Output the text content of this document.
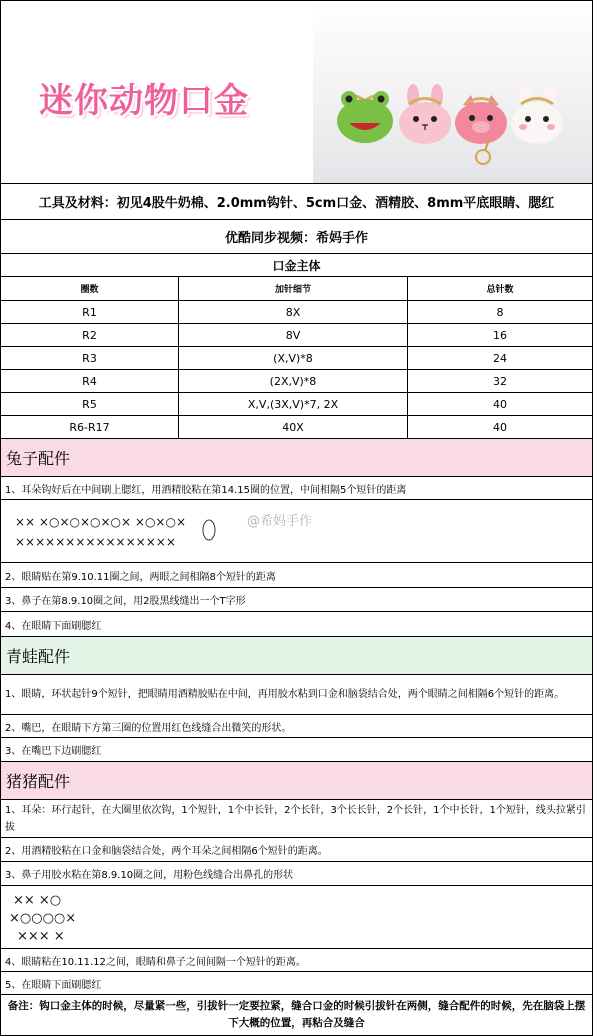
迷你动物口金
工具及材料：初见4股牛奶棉、2.0mm钩针、5cm口金、酒精胶、8mm平底眼睛、腮红
优酷同步视频：希妈手作
口金主体
圈数	加针细节	总针数
R1	8X	8
R2	8V	16
R3	(X,V)*8	24
R4	(2X,V)*8	32
R5	X,V,(3X,V)*7, 2X	40
R6-R17	40X	40
兔子配件
1、耳朵钩好后在中间刷上腮红，用酒精胶粘在第14.15圈的位置，中间相隔5个短针的距离
×× ×○×○×○×○× ×○×○×
××××××××××××××××
@希妈手作
2、眼睛贴在第9.10.11圈之间，两眼之间相隔8个短针的距离
3、鼻子在第8.9.10圈之间，用2股黑线缝出一个T字形
4、在眼睛下面刷腮红
青蛙配件
1、眼睛，环状起针9个短针，把眼睛用酒精胶贴在中间，再用胶水粘到口金和脑袋结合处，两个眼睛之间相隔6个短针的距离。
2、嘴巴，在眼睛下方第三圈的位置用红色线缝合出微笑的形状。
3、在嘴巴下边刷腮红
猪猪配件
1、耳朵：环行起针，在大圈里依次钩，1个短针，1个中长针，2个长针，3个长长针，2个长针，1个中长针，1个短针，线头拉紧引拔
2、用酒精胶粘在口金和脑袋结合处，两个耳朵之间相隔6个短针的距离。
3、鼻子用胶水粘在第8.9.10圈之间，用粉色线缝合出鼻孔的形状
×× ×○
×○○○○×
××× ×
4、眼睛粘在10.11.12之间，眼睛和鼻子之间间隔一个短针的距离。
5、在眼睛下面刷腮红
备注：钩口金主体的时候，尽量紧一些，引拔针一定要拉紧，缝合口金的时候引拔针在两侧，缝合配件的时候，先在脑袋上摆下大概的位置，再粘合及缝合
